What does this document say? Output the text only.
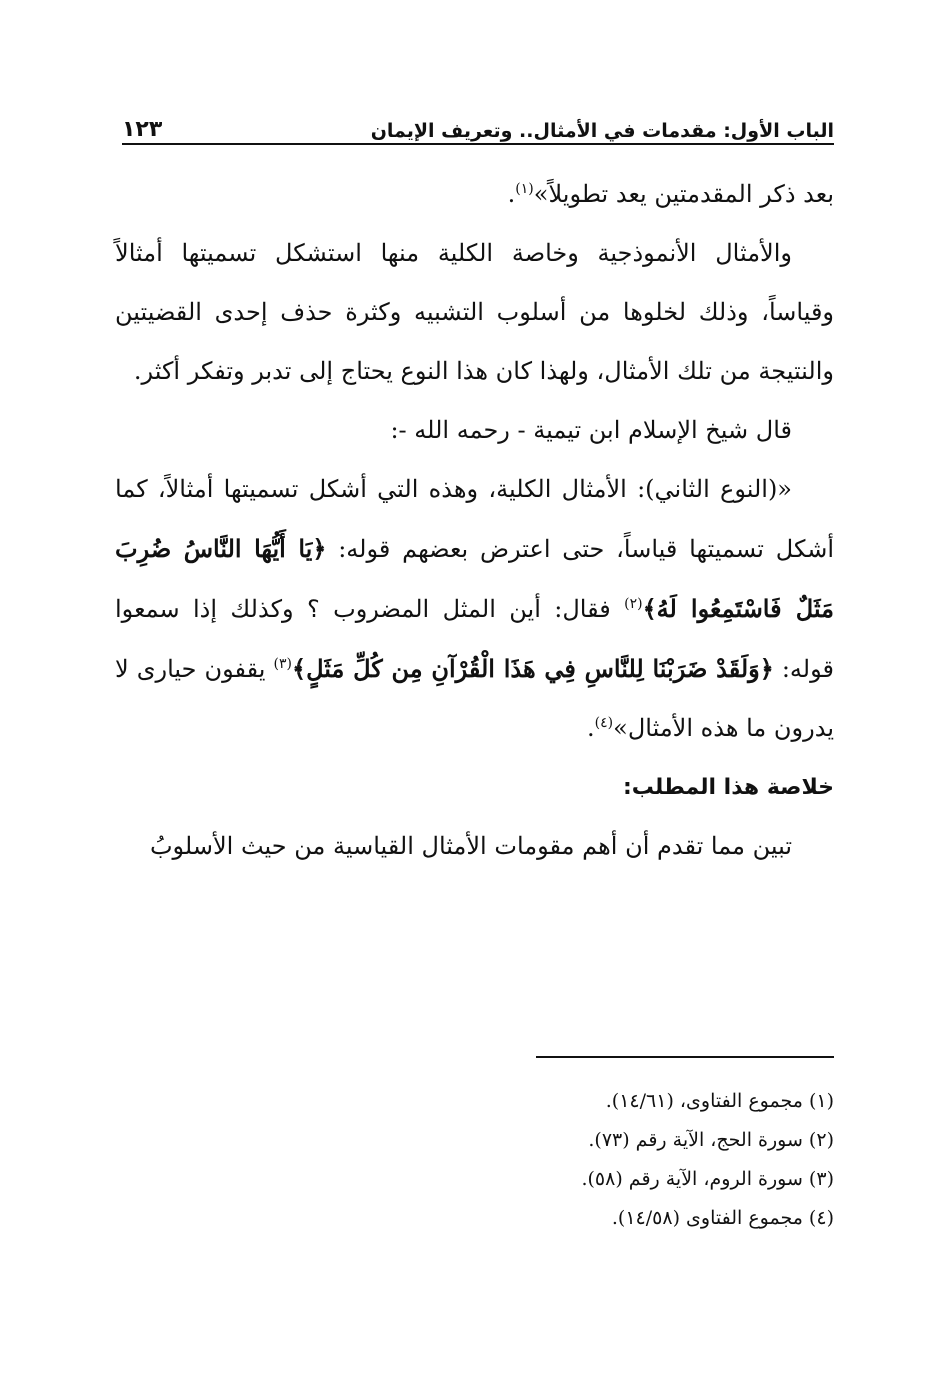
الباب الأول: مقدمات في الأمثال.. وتعريف الإيمان
١٢٣

بعد ذكر المقدمتين يعد تطويلاً»$^{(١)}$.

والأمثال الأنموذجية وخاصة الكلية منها استشكل تسميتها أمثالاً وقياساً، وذلك لخلوها من أسلوب التشبيه وكثرة حذف إحدى القضيتين والنتيجة من تلك الأمثال، ولهذا كان هذا النوع يحتاج إلى تدبر وتفكر أكثر.

قال شيخ الإسلام ابن تيمية - رحمه الله -:

«(النوع الثاني): الأمثال الكلية، وهذه التي أشكل تسميتها أمثالاً، كما أشكل تسميتها قياساً، حتى اعترض بعضهم قوله: ﴿يَا أَيُّهَا النَّاسُ ضُرِبَ مَثَلٌ فَاسْتَمِعُوا لَهُ﴾$^{(٢)}$ فقال: أين المثل المضروب ؟ وكذلك إذا سمعوا قوله: ﴿وَلَقَدْ ضَرَبْنَا لِلنَّاسِ فِي هَذَا الْقُرْآنِ مِن كُلِّ مَثَلٍ﴾$^{(٣)}$ يقفون حيارى لا يدرون ما هذه الأمثال»$^{(٤)}$.

خلاصة هذا المطلب:

تبين مما تقدم أن أهم مقومات الأمثال القياسية من حيث الأسلوبُ

(١) مجموع الفتاوى، (١٤/٦١).

(٢) سورة الحج، الآية رقم (٧٣).

(٣) سورة الروم، الآية رقم (٥٨).

(٤) مجموع الفتاوى (١٤/٥٨).
